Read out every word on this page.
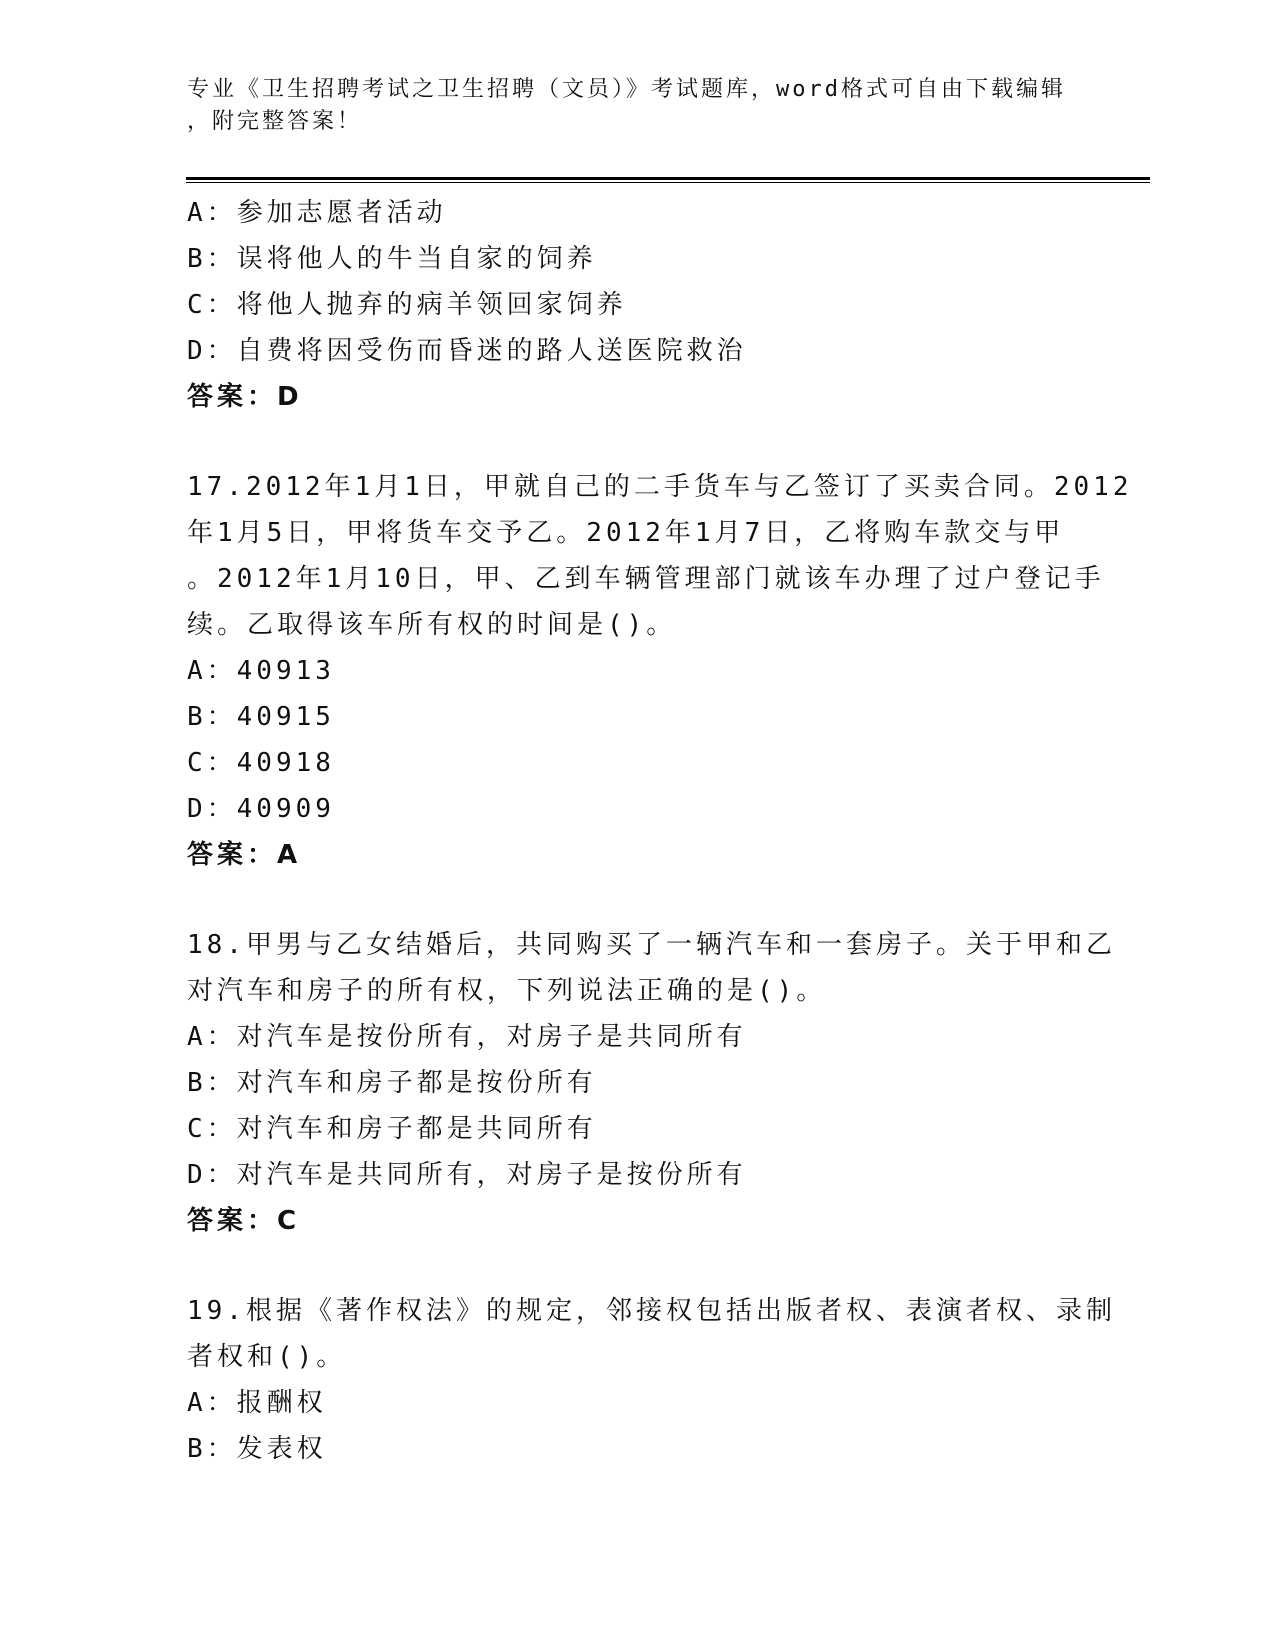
专业《卫生招聘考试之卫生招聘（文员）》考试题库，word格式可自由下载编辑
，附完整答案！
A：参加志愿者活动
B：误将他人的牛当自家的饲养
C：将他人抛弃的病羊领回家饲养
D：自费将因受伤而昏迷的路人送医院救治
答案：D
17.2012年1月1日，甲就自己的二手货车与乙签订了买卖合同。2012
年1月5日，甲将货车交予乙。2012年1月7日，乙将购车款交与甲
。2012年1月10日，甲、乙到车辆管理部门就该车办理了过户登记手
续。乙取得该车所有权的时间是()。
A：40913
B：40915
C：40918
D：40909
答案：A
18.甲男与乙女结婚后，共同购买了一辆汽车和一套房子。关于甲和乙
对汽车和房子的所有权，下列说法正确的是()。
A：对汽车是按份所有，对房子是共同所有
B：对汽车和房子都是按份所有
C：对汽车和房子都是共同所有
D：对汽车是共同所有，对房子是按份所有
答案：C
19.根据《著作权法》的规定，邻接权包括出版者权、表演者权、录制
者权和()。
A：报酬权
B：发表权
